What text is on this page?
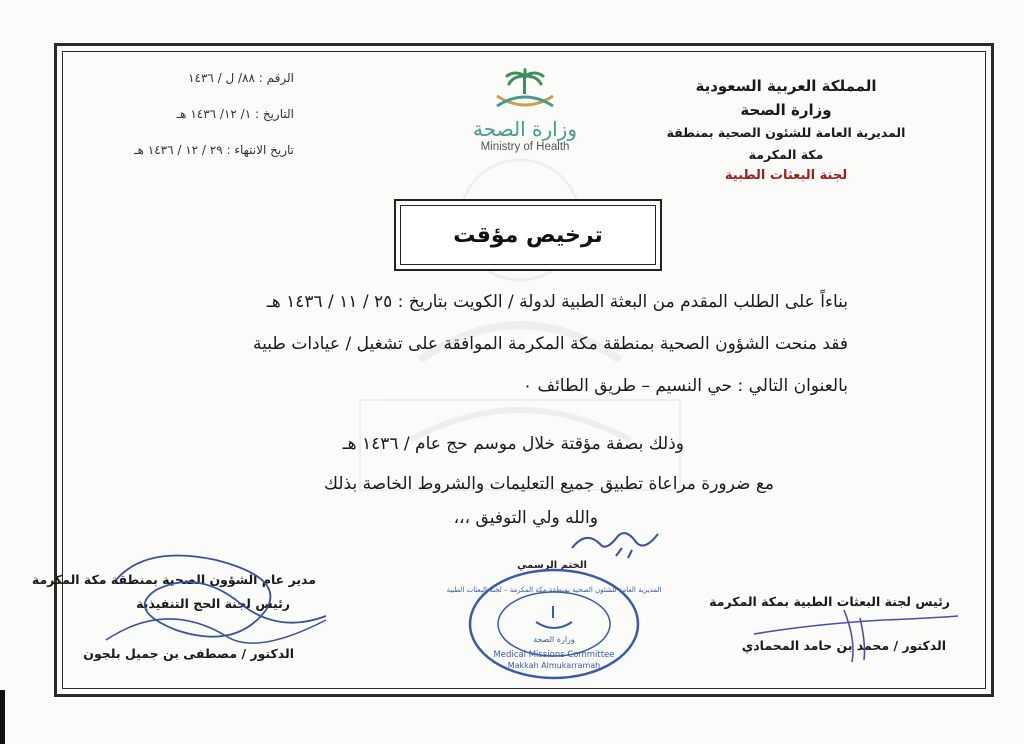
المملكة العربية السعودية
وزارة الصحة
المديرية العامة للشئون الصحية بمنطقة مكة المكرمة
لجنة البعثات الطبية
الرقم : ٨٨/ ل / ١٤٣٦
التاريخ : ١/ ١٢/ ١٤٣٦ هـ
تاريخ الانتهاء : ٢٩ / ١٢ / ١٤٣٦ هـ
وزارة الصحة
Ministry of Health
ترخيص مؤقت
بناءاً على الطلب المقدم من البعثة الطبية لدولة / الكويت بتاريخ : ٢٥ / ١١ / ١٤٣٦ هـ
فقد منحت الشؤون الصحية بمنطقة مكة المكرمة الموافقة على تشغيل / عيادات طبية
بالعنوان التالي : حي النسيم – طريق الطائف ٠
وذلك بصفة مؤقتة خلال موسم حج عام / ١٤٣٦ هـ
مع ضرورة مراعاة تطبيق جميع التعليمات والشروط الخاصة بذلك
والله ولي التوفيق ،،،
مدير عام الشؤون الصحية بمنطقة مكة المكرمة
رئيس لجنة الحج التنفيذية
الدكتور / مصطفى بن جميل بلجون
الختم الرسمي
المديرية العامة للشئون الصحية بمنطقة مكة المكرمة – لجنة البعثات الطبية
وزارة الصحة
Medical Missions Committee
Makkah Almukarramah
رئيس لجنة البعثات الطبية بمكة المكرمة
الدكتور / محمد بن حامد المحمادي
